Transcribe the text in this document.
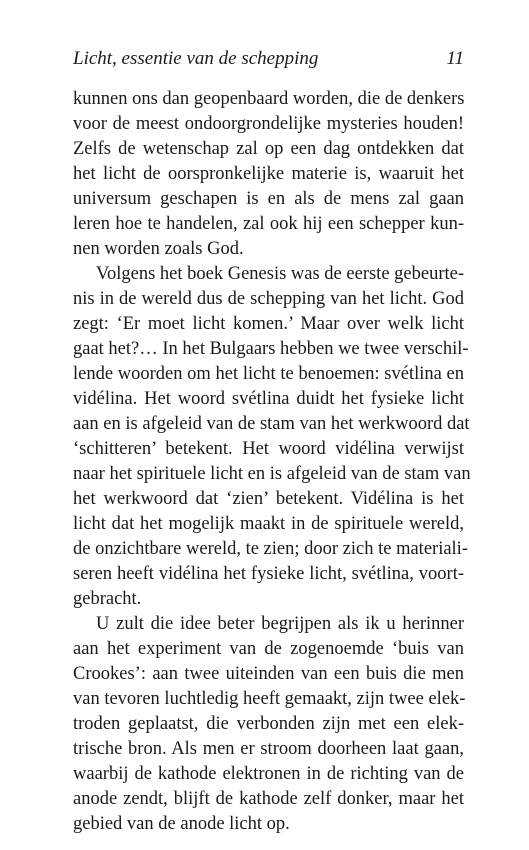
Licht, essentie van de schepping	11
kunnen ons dan geopenbaard worden, die de denkers
voor de meest ondoorgrondelijke mysteries houden!
Zelfs de wetenschap zal op een dag ontdekken dat
het licht de oorspronkelijke materie is, waaruit het
universum geschapen is en als de mens zal gaan
leren hoe te handelen, zal ook hij een schepper kun-
nen worden zoals God.
Volgens het boek Genesis was de eerste gebeurte-
nis in de wereld dus de schepping van het licht. God
zegt: ‘Er moet licht komen.’ Maar over welk licht
gaat het?… In het Bulgaars hebben we twee verschil-
lende woorden om het licht te benoemen: svétlina en
vidélina. Het woord svétlina duidt het fysieke licht
aan en is afgeleid van de stam van het werkwoord dat
‘schitteren’ betekent. Het woord vidélina verwijst
naar het spirituele licht en is afgeleid van de stam van
het werkwoord dat ‘zien’ betekent. Vidélina is het
licht dat het mogelijk maakt in de spirituele wereld,
de onzichtbare wereld, te zien; door zich te materiali-
seren heeft vidélina het fysieke licht, svétlina, voort-
gebracht.
U zult die idee beter begrijpen als ik u herinner
aan het experiment van de zogenoemde ‘buis van
Crookes’: aan twee uiteinden van een buis die men
van tevoren luchtledig heeft gemaakt, zijn twee elek-
troden geplaatst, die verbonden zijn met een elek-
trische bron. Als men er stroom doorheen laat gaan,
waarbij de kathode elektronen in de richting van de
anode zendt, blijft de kathode zelf donker, maar het
gebied van de anode licht op.
